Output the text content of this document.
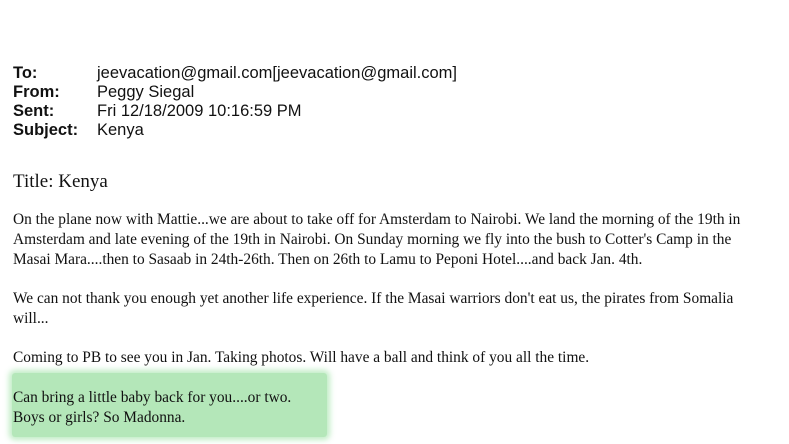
To:	jeevacation@gmail.com[jeevacation@gmail.com]
From:	Peggy Siegal
Sent:	Fri 12/18/2009 10:16:59 PM
Subject:	Kenya
Title: Kenya
On the plane now with Mattie...we are about to take off for Amsterdam to Nairobi. We land the morning of the 19th in
Amsterdam and late evening of the 19th in Nairobi. On Sunday morning we fly into the bush to Cotter's Camp in the
Masai Mara....then to Sasaab in 24th-26th. Then on 26th to Lamu to Peponi Hotel....and back Jan. 4th.
We can not thank you enough yet another life experience. If the Masai warriors don't eat us, the pirates from Somalia
will...
Coming to PB to see you in Jan. Taking photos. Will have a ball and think of you all the time.
Can bring a little baby back for you....or two.
Boys or girls? So Madonna.
